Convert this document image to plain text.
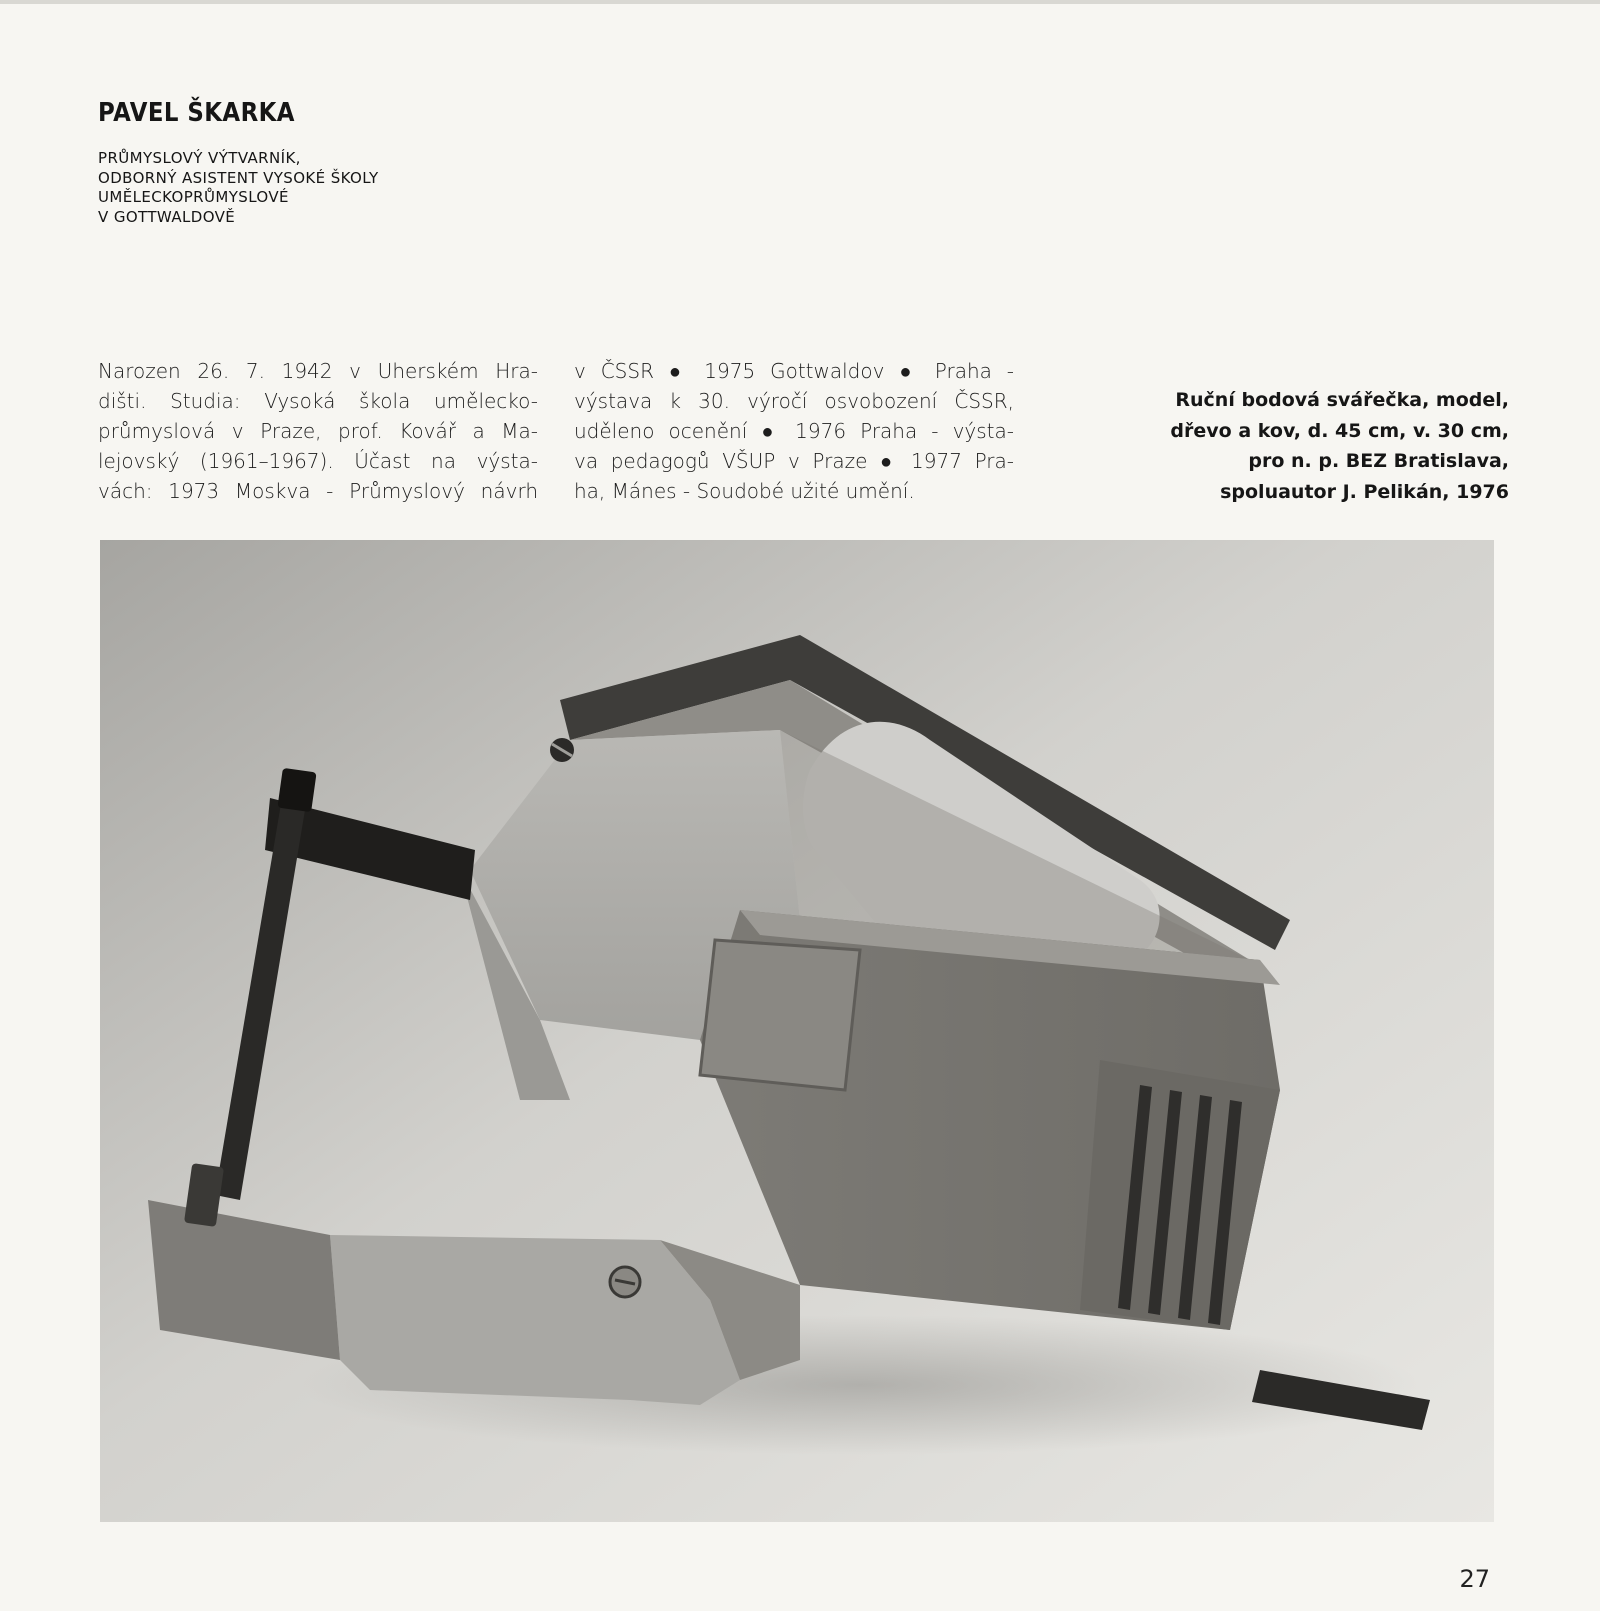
PAVEL ŠKARKA
PRŮMYSLOVÝ VÝTVARNÍK,
ODBORNÝ ASISTENT VYSOKÉ ŠKOLY
UMĚLECKOPRŮMYSLOVÉ
V GOTTWALDOVĚ
Narozen 26. 7. 1942 v Uherském Hra-
dišti. Studia: Vysoká škola umělecko-
průmyslová v Praze, prof. Kovář a Ma-
lejovský (1961–1967). Účast na výsta-
vách: 1973 Moskva - Průmyslový návrh
v ČSSR ● 1975 Gottwaldov ● Praha -
výstava k 30. výročí osvobození ČSSR,
uděleno ocenění ● 1976 Praha - výsta-
va pedagogů VŠUP v Praze ● 1977 Pra-
ha, Mánes - Soudobé užité umění.
Ruční bodová svářečka, model,
dřevo a kov, d. 45 cm, v. 30 cm,
pro n. p. BEZ Bratislava,
spoluautor J. Pelikán, 1976
27
